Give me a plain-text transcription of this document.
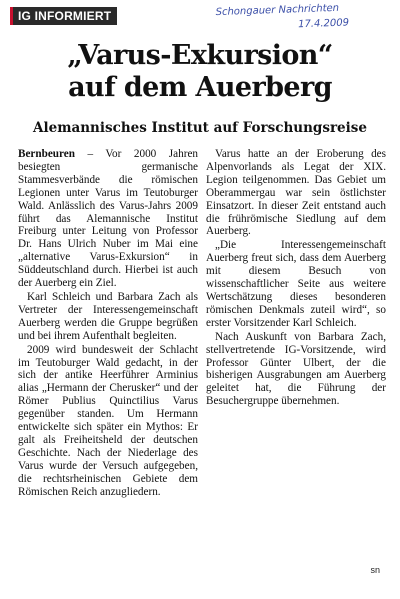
IG INFORMIERT	Schongauer Nachrichten
17.4.2009
„Varus-Exkursion“
auf dem Auerberg
Alemannisches Institut auf Forschungsreise

Bernbeuren – Vor 2000 Jahren besiegten germanische Stammesverbände die römischen Legionen unter Varus im Teutoburger Wald. Anlässlich des Varus-Jahrs 2009 führt das Alemannische Institut Freiburg unter Leitung von Professor Dr. Hans Ulrich Nuber im Mai eine „alternative Varus-Exkursion“ in Süddeutschland durch. Hierbei ist auch der Auerberg ein Ziel.

Karl Schleich und Barbara Zach als Vertreter der Interessengemeinschaft Auerberg werden die Gruppe begrüßen und bei ihrem Aufenthalt begleiten.

2009 wird bundesweit der Schlacht im Teutoburger Wald gedacht, in der sich der antike Heerführer Arminius alias „Hermann der Cherusker“ und der Römer Publius Quinctilius Varus gegenüber standen. Um Hermann entwickelte sich später ein Mythos: Er galt als Freiheitsheld der deutschen Geschichte. Nach der Niederlage des Varus wurde der Versuch aufgegeben, die rechtsrheinischen Gebiete dem Römischen Reich anzugliedern.

Varus hatte an der Eroberung des Alpenvorlands als Legat der XIX. Legion teilgenommen. Das Gebiet um Oberammergau war sein östlichster Einsatzort. In dieser Zeit entstand auch die frührömische Siedlung auf dem Auerberg.

„Die Interessengemeinschaft Auerberg freut sich, dass dem Auerberg mit diesem Besuch von wissenschaftlicher Seite aus weitere Wertschätzung dieses besonderen römischen Denkmals zuteil wird“, so erster Vorsitzender Karl Schleich.

Nach Auskunft von Barbara Zach, stellvertretende IG-Vorsitzende, wird Professor Günter Ulbert, der die bisherigen Ausgrabungen am Auerberg geleitet hat, die Führung der Besuchergruppe übernehmen.

sn
